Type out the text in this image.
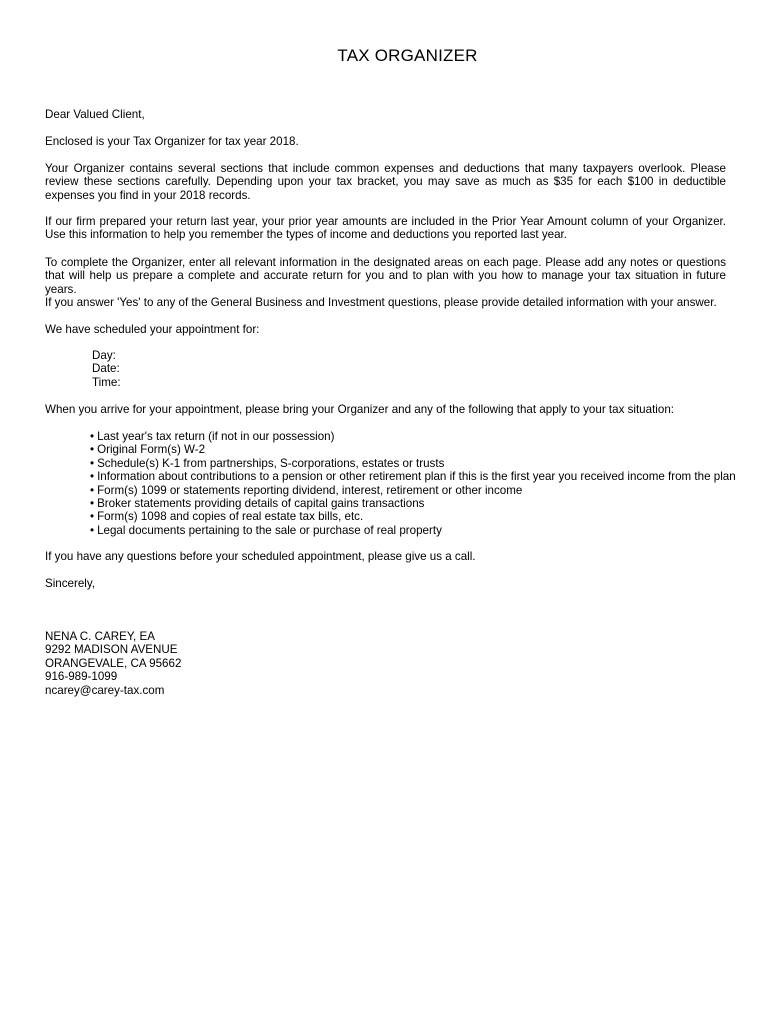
TAX ORGANIZER

Dear Valued Client,

Enclosed is your Tax Organizer for tax year 2018.

Your Organizer contains several sections that include common expenses and deductions that many taxpayers overlook. Please review these sections carefully. Depending upon your tax bracket, you may save as much as $35 for each $100 in deductible expenses you find in your 2018 records.

If our firm prepared your return last year, your prior year amounts are included in the Prior Year Amount column of your Organizer. Use this information to help you remember the types of income and deductions you reported last year.

To complete the Organizer, enter all relevant information in the designated areas on each page. Please add any notes or questions that will help us prepare a complete and accurate return for you and to plan with you how to manage your tax situation in future years.

If you answer 'Yes' to any of the General Business and Investment questions, please provide detailed information with your answer.

We have scheduled your appointment for:

Day:
Date:
Time:

When you arrive for your appointment, please bring your Organizer and any of the following that apply to your tax situation:

• Last year's tax return (if not in our possession)
• Original Form(s) W-2
• Schedule(s) K-1 from partnerships, S-corporations, estates or trusts
• Information about contributions to a pension or other retirement plan if this is the first year you received income from the plan
• Form(s) 1099 or statements reporting dividend, interest, retirement or other income
• Broker statements providing details of capital gains transactions
• Form(s) 1098 and copies of real estate tax bills, etc.
• Legal documents pertaining to the sale or purchase of real property

If you have any questions before your scheduled appointment, please give us a call.

Sincerely,

NENA C. CAREY, EA
9292 MADISON AVENUE
ORANGEVALE, CA 95662
916-989-1099
ncarey@carey-tax.com
